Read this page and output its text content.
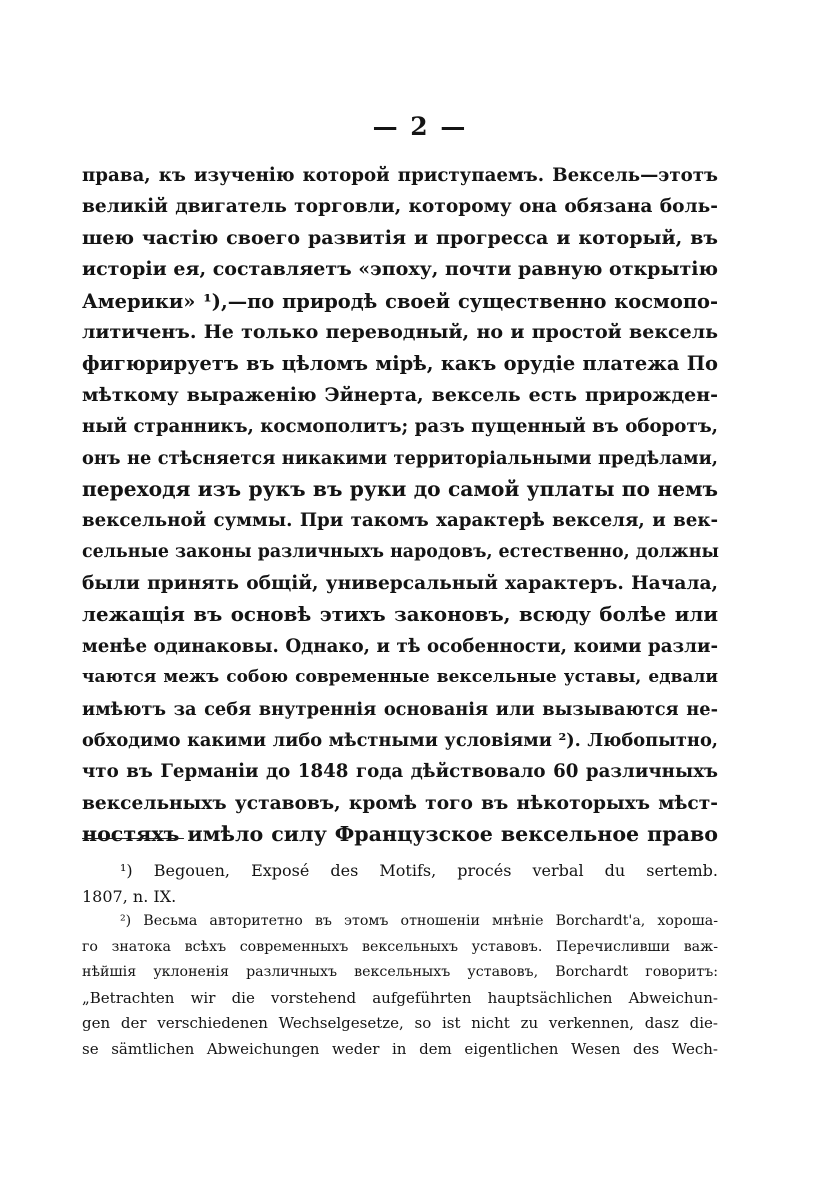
— 2 —
права, къ изученію которой приступаемъ. Вексель—этотъ
великій двигатель торговли, которому она обязана боль-
шею частію своего развитія и прогресса и который, въ
исторіи ея, составляетъ «эпоху, почти равную открытію
Америки» ¹),—по природѣ своей существенно космопо-
литиченъ. Не только переводный, но и простой вексель
фигюрируетъ въ цѣломъ мірѣ, какъ орудіе платежа По
мѣткому выраженію Эйнерта, вексель есть прирожден-
ный странникъ, космополитъ; разъ пущенный въ оборотъ,
онъ не стѣсняется никакими территоріальными предѣлами,
переходя изъ рукъ въ руки до самой уплаты по немъ
вексельной суммы. При такомъ характерѣ векселя, и век-
сельные законы различныхъ народовъ, естественно, должны
были принять общій, универсальный характеръ. Начала,
лежащія въ основѣ этихъ законовъ, всюду болѣе или
менѣе одинаковы. Однако, и тѣ особенности, коими разли-
чаются межъ собою современные вексельные уставы, едвали
имѣютъ за себя внутреннія основанія или вызываются не-
обходимо какими либо мѣстными условіями ²). Любопытно,
что въ Германіи до 1848 года дѣйствовало 60 различныхъ
вексельныхъ уставовъ, кромѣ того въ нѣкоторыхъ мѣст-
ностяхъ имѣло силу Французское вексельное право
¹) Begouen, Exposé des Motifs, procés verbal du sertemb.
1807, n. IX.
²) Весьма авторитетно въ этомъ отношеніи мнѣніе Borchardt'a, хороша-
го знатока всѣхъ современныхъ вексельныхъ уставовъ. Перечисливши важ-
нѣйшія уклоненія различныхъ вексельныхъ уставовъ, Borchardt говоритъ:
„Betrachten wir die vorstehend aufgeführten hauptsächlichen Abweichun-
gen der verschiedenen Wechselgesetze, so ist nicht zu verkennen, dasz die-
se sämtlichen Abweichungen weder in dem eigentlichen Wesen des Wech-
